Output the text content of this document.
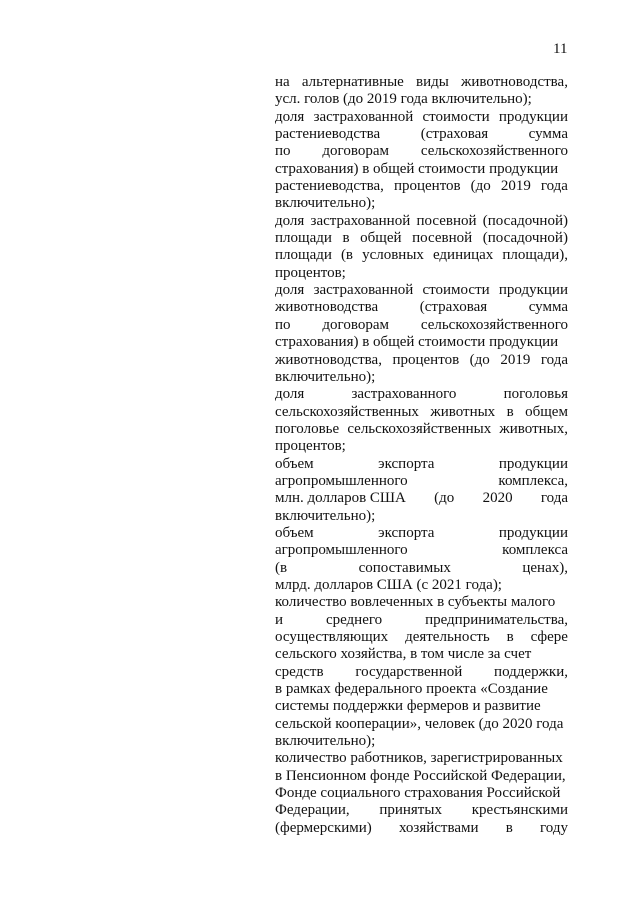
11
на альтернативные виды животноводства,
усл. голов (до 2019 года включительно);
доля застрахованной стоимости продукции
растениеводства	(страховая	сумма
по договорам сельскохозяйственного
страхования) в общей стоимости продукции
растениеводства, процентов (до 2019 года
включительно);
доля застрахованной посевной (посадочной)
площади в общей посевной (посадочной)
площади (в условных единицах площади),
процентов;
доля застрахованной стоимости продукции
животноводства	(страховая	сумма
по договорам сельскохозяйственного
страхования) в общей стоимости продукции
животноводства, процентов (до 2019 года
включительно);
доля	застрахованного	поголовья
сельскохозяйственных животных в общем
поголовье сельскохозяйственных животных,
процентов;
объем	экспорта	продукции
агропромышленного	комплекса,
млн. долларов США (до 2020 года
включительно);
объем	экспорта	продукции
агропромышленного	комплекса
(в	сопоставимых	ценах),
млрд. долларов США (с 2021 года);
количество вовлеченных в субъекты малого
и	среднего	предпринимательства,
осуществляющих деятельность в сфере
сельского хозяйства, в том числе за счет
средств государственной поддержки,
в рамках федерального проекта «Создание
системы поддержки фермеров и развитие
сельской кооперации», человек (до 2020 года
включительно);
количество работников, зарегистрированных
в Пенсионном фонде Российской Федерации,
Фонде социального страхования Российской
Федерации, принятых крестьянскими
(фермерскими) хозяйствами в году
